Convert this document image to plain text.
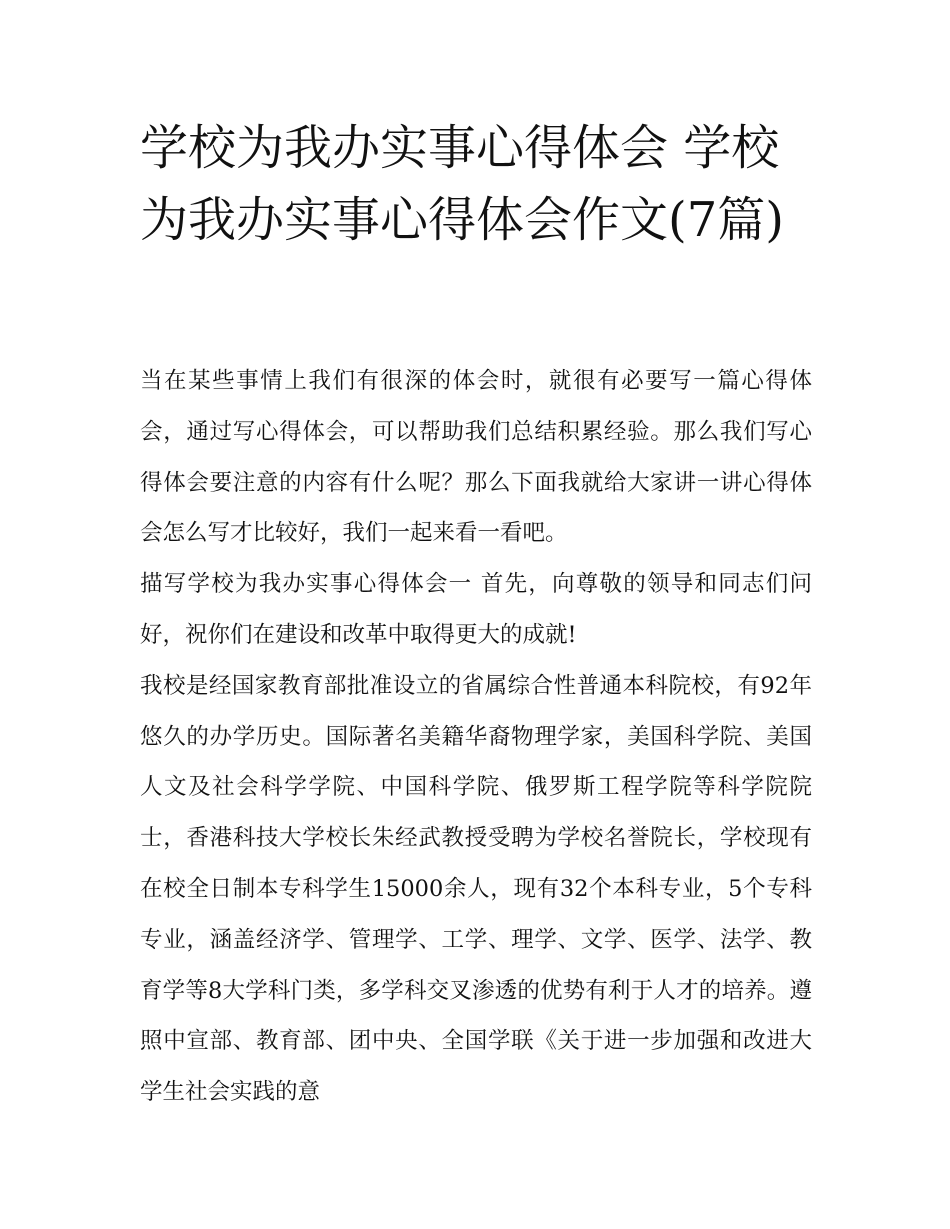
学校为我办实事心得体会 学校为我办实事心得体会作文(7篇)

当在某些事情上我们有很深的体会时，就很有必要写一篇心得体会，通过写心得体会，可以帮助我们总结积累经验。那么我们写心得体会要注意的内容有什么呢？那么下面我就给大家讲一讲心得体会怎么写才比较好，我们一起来看一看吧。

描写学校为我办实事心得体会一 首先，向尊敬的领导和同志们问好，祝你们在建设和改革中取得更大的成就!

我校是经国家教育部批准设立的省属综合性普通本科院校，有92年悠久的办学历史。国际著名美籍华裔物理学家，美国科学院、美国人文及社会科学学院、中国科学院、俄罗斯工程学院等科学院院士，香港科技大学校长朱经武教授受聘为学校名誉院长，学校现有在校全日制本专科学生15000余人，现有32个本科专业，5个专科专业，涵盖经济学、管理学、工学、理学、文学、医学、法学、教育学等8大学科门类，多学科交叉渗透的优势有利于人才的培养。遵照中宣部、教育部、团中央、全国学联《关于进一步加强和改进大学生社会实践的意
